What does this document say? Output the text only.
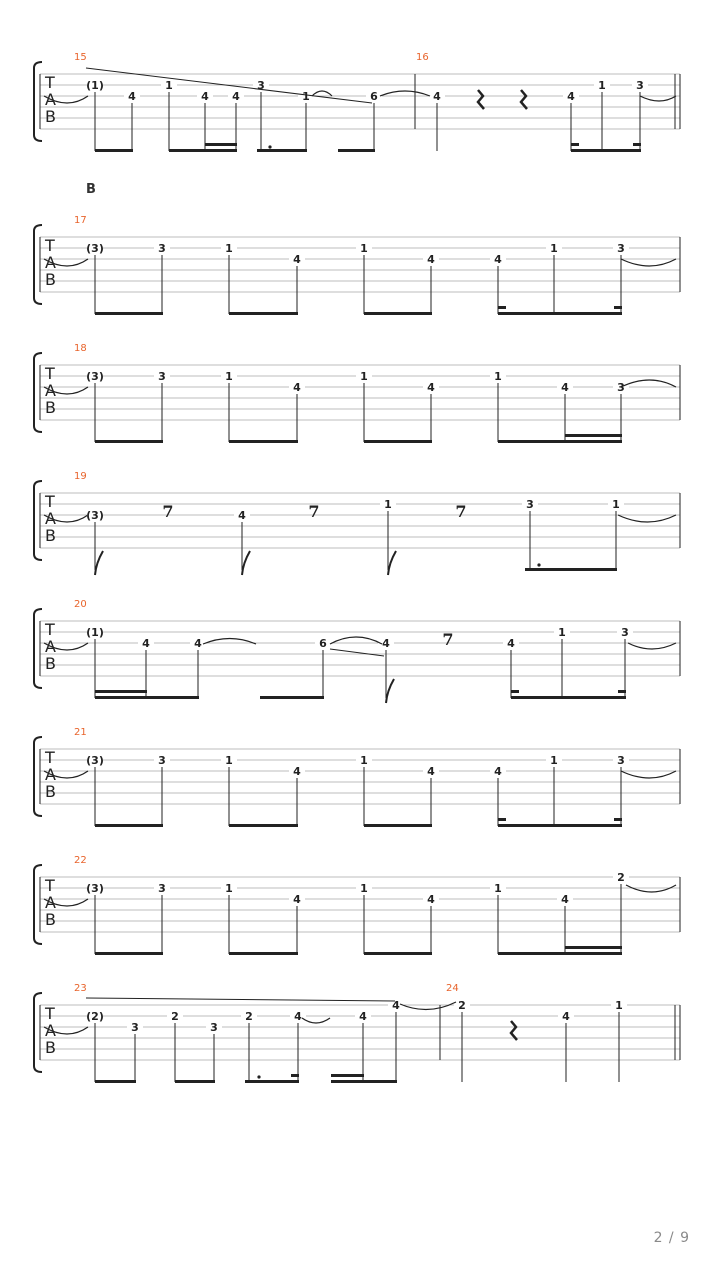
T
A
B
15	16
(1)
4
1
4 4
3
1	6	4	4
1	3
T
A
B
17
(3)	3	1
4
1
4	4
1	3
T
A
B
18
(3)	3	1
4
1
4
1
4	3
T
A
B
19
(3)	4
1	3	1
7	7	7
T
A
B
20
(1)
4	4	6	4	4
1	3
7
T
A
B
21
(3)	3	1
4
1
4	4
1	3
T
A
B
22
(3)	3	1
4
1
4
1
4
2
T
A
B
23	24
(2)
3
2
3
2	4	4
4	2
4
1
B
2 / 9
